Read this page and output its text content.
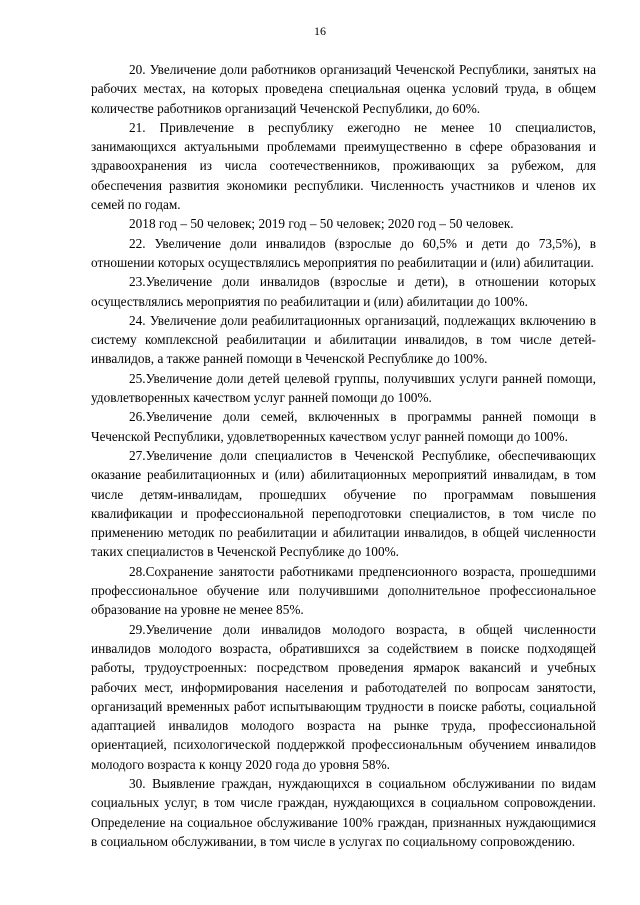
16

20. Увеличение доли работников организаций Чеченской Республики, занятых на рабочих местах, на которых проведена специальная оценка условий труда, в общем количестве работников организаций Чеченской Республики, до 60%.

21. Привлечение в республику ежегодно не менее 10 специалистов, занимающихся актуальными проблемами преимущественно в сфере образования и здравоохранения из числа соотечественников, проживающих за рубежом, для обеспечения развития экономики республики. Численность участников и членов их семей по годам.

2018 год – 50 человек; 2019 год – 50 человек; 2020 год – 50 человек.

22. Увеличение доли инвалидов (взрослые до 60,5% и дети до 73,5%), в отношении которых осуществлялись мероприятия по реабилитации и (или) абилитации.

23.Увеличение доли инвалидов (взрослые и дети), в отношении которых осуществлялись мероприятия по реабилитации и (или) абилитации до 100%.

24. Увеличение доли реабилитационных организаций, подлежащих включению в систему комплексной реабилитации и абилитации инвалидов, в том числе детей-инвалидов, а также ранней помощи в Чеченской Республике до 100%.

25.Увеличение доли детей целевой группы, получивших услуги ранней помощи, удовлетворенных качеством услуг ранней помощи до 100%.

26.Увеличение доли семей, включенных в программы ранней помощи в Чеченской Республики, удовлетворенных качеством услуг ранней помощи до 100%.

27.Увеличение доли специалистов в Чеченской Республике, обеспечивающих оказание реабилитационных и (или) абилитационных мероприятий инвалидам, в том числе детям-инвалидам, прошедших обучение по программам повышения квалификации и профессиональной переподготовки специалистов, в том числе по применению методик по реабилитации и абилитации инвалидов, в общей численности таких специалистов в Чеченской Республике до 100%.

28.Сохранение занятости работниками предпенсионного возраста, прошедшими профессиональное обучение или получившими дополнительное профессиональное образование на уровне не менее 85%.

29.Увеличение доли инвалидов молодого возраста, в общей численности инвалидов молодого возраста, обратившихся за содействием в поиске подходящей работы, трудоустроенных: посредством проведения ярмарок вакансий и учебных рабочих мест, информирования населения и работодателей по вопросам занятости, организаций временных работ испытывающим трудности в поиске работы, социальной адаптацией инвалидов молодого возраста на рынке труда, профессиональной ориентацией, психологической поддержкой профессиональным обучением инвалидов молодого возраста к концу 2020 года до уровня 58%.

30. Выявление граждан, нуждающихся в социальном обслуживании по видам социальных услуг, в том числе граждан, нуждающихся в социальном сопровождении. Определение на социальное обслуживание 100% граждан, признанных нуждающимися в социальном обслуживании, в том числе в услугах по социальному сопровождению.
